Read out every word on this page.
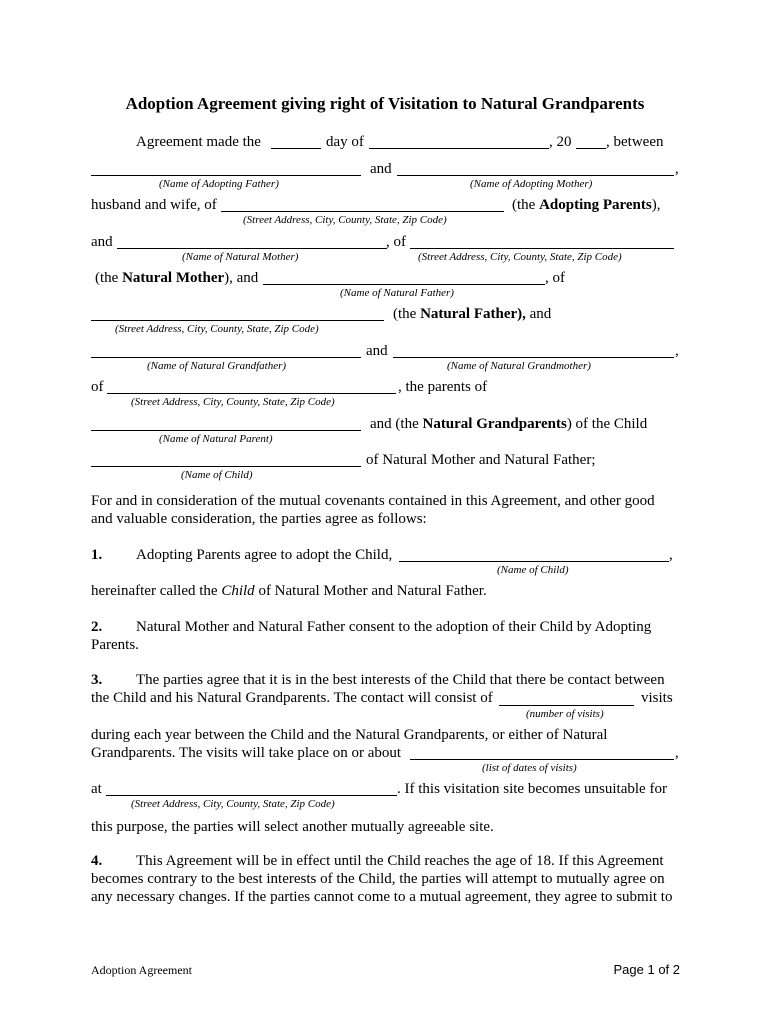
Adoption Agreement giving right of Visitation to Natural Grandparents
Agreement made the	day of	, 20 , between
and	,
(Name of Adopting Father)	(Name of Adopting Mother)
husband and wife, of	(the Adopting Parents),
(Street Address, City, County, State, Zip Code)
and	, of
(Name of Natural Mother)	(Street Address, City, County, State, Zip Code)
(the Natural Mother), and	, of
(Name of Natural Father)
(the Natural Father), and
(Street Address, City, County, State, Zip Code)
and	,
(Name of Natural Grandfather)	(Name of Natural Grandmother)
of	, the parents of
(Street Address, City, County, State, Zip Code)
and (the Natural Grandparents) of the Child
(Name of Natural Parent)
of Natural Mother and Natural Father;
(Name of Child)
For and in consideration of the mutual covenants contained in this Agreement, and other good
and valuable consideration, the parties agree as follows:
1. Adopting Parents agree to adopt the Child,	,
(Name of Child)
hereinafter called the Child of Natural Mother and Natural Father.
2. Natural Mother and Natural Father consent to the adoption of their Child by Adopting
Parents.
3. The parties agree that it is in the best interests of the Child that there be contact between
the Child and his Natural Grandparents. The contact will consist of	visits
(number of visits)
during each year between the Child and the Natural Grandparents, or either of Natural
Grandparents. The visits will take place on or about	,
(list of dates of visits)
at	. If this visitation site becomes unsuitable for
(Street Address, City, County, State, Zip Code)
this purpose, the parties will select another mutually agreeable site.
4. This Agreement will be in effect until the Child reaches the age of 18. If this Agreement
becomes contrary to the best interests of the Child, the parties will attempt to mutually agree on
any necessary changes. If the parties cannot come to a mutual agreement, they agree to submit to
Adoption Agreement	Page 1 of 2
